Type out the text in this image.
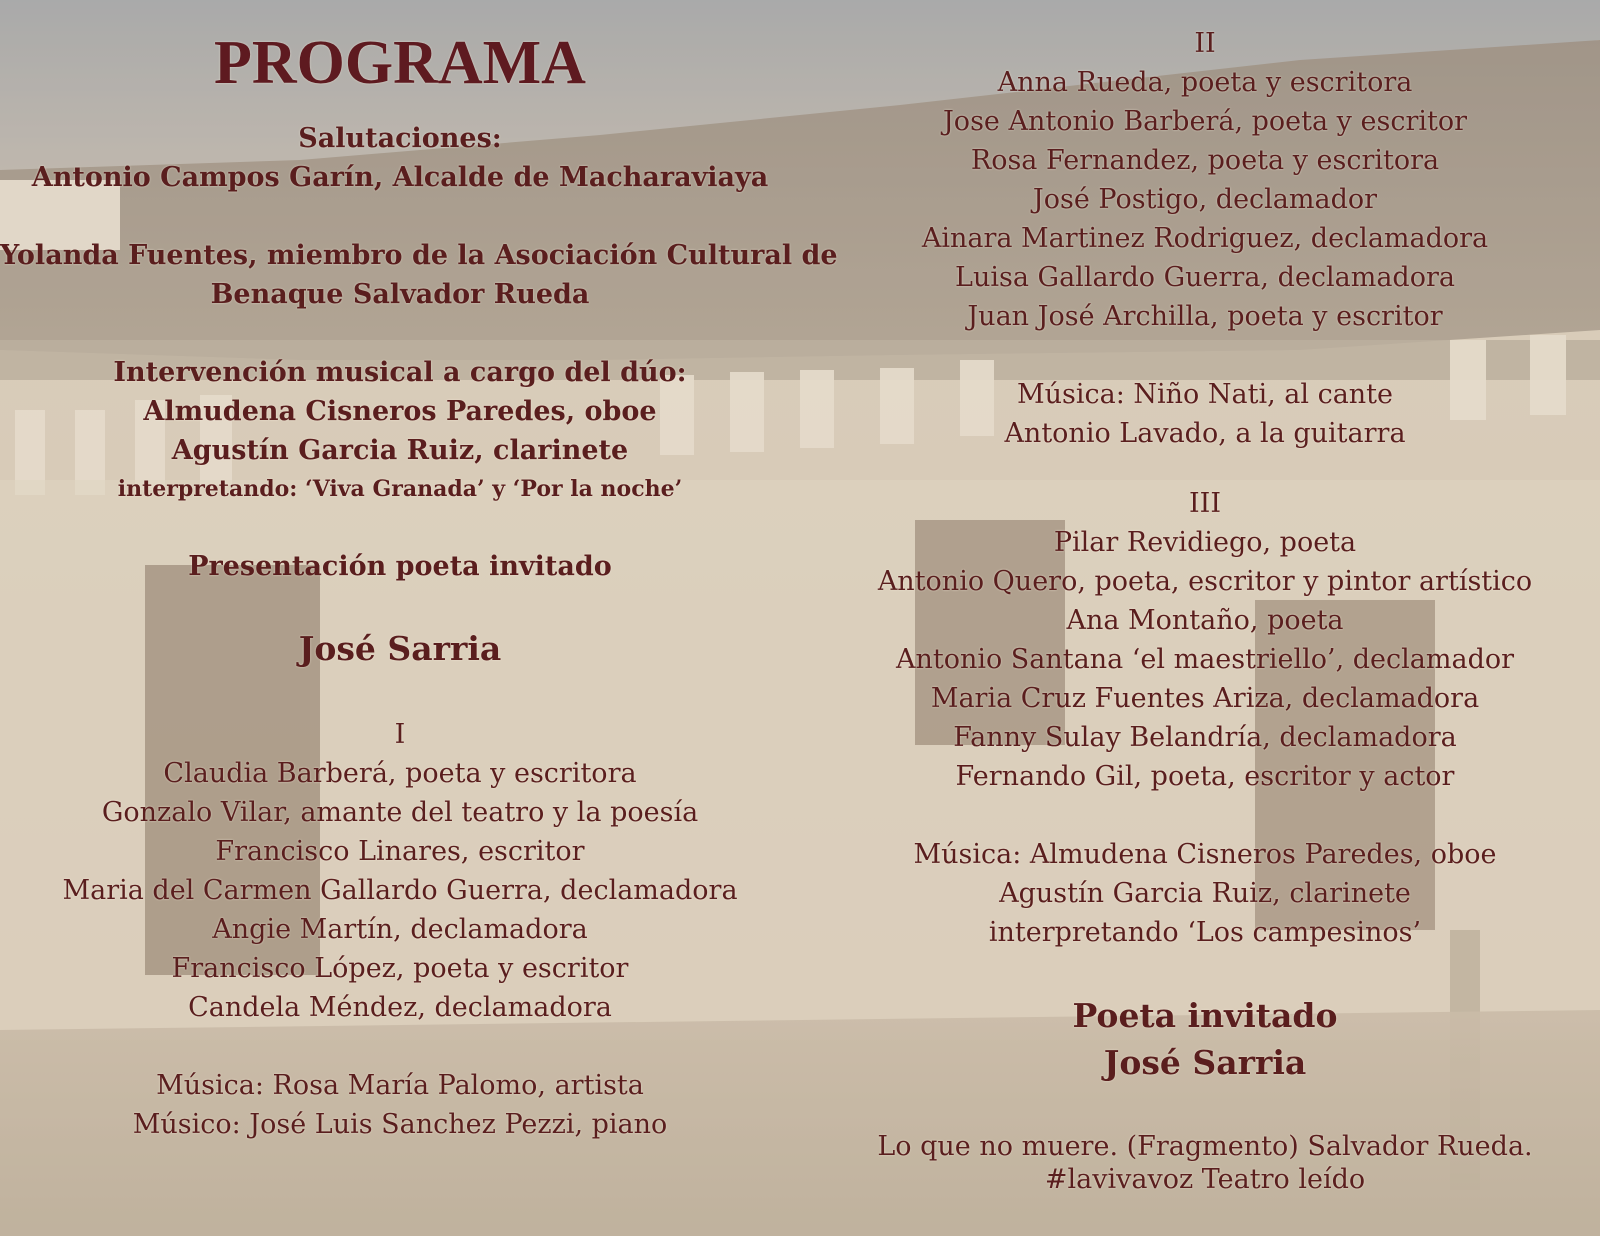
PROGRAMA
Salutaciones:
Antonio Campos Garín, Alcalde de Macharaviaya
Yolanda Fuentes, miembro de la Asociación Cultural de
Benaque Salvador Rueda
Intervención musical a cargo del dúo:
Almudena Cisneros Paredes, oboe
Agustín Garcia Ruiz, clarinete
interpretando: ‘Viva Granada’ y ‘Por la noche’
Presentación poeta invitado
José Sarria
I
Claudia Barberá, poeta y escritora
Gonzalo Vilar, amante del teatro y la poesía
Francisco Linares, escritor
Maria del Carmen Gallardo Guerra, declamadora
Angie Martín, declamadora
Francisco López, poeta y escritor
Candela Méndez, declamadora
Música: Rosa María Palomo, artista
Músico: José Luis Sanchez Pezzi, piano
II
Anna Rueda, poeta y escritora
Jose Antonio Barberá, poeta y escritor
Rosa Fernandez, poeta y escritora
José Postigo, declamador
Ainara Martinez Rodriguez, declamadora
Luisa Gallardo Guerra, declamadora
Juan José Archilla, poeta y escritor
Música: Niño Nati, al cante
Antonio Lavado, a la guitarra
III
Pilar Revidiego, poeta
Antonio Quero, poeta, escritor y pintor artístico
Ana Montaño, poeta
Antonio Santana ‘el maestriello’, declamador
Maria Cruz Fuentes Ariza, declamadora
Fanny Sulay Belandría, declamadora
Fernando Gil, poeta, escritor y actor
Música: Almudena Cisneros Paredes, oboe
Agustín Garcia Ruiz, clarinete
interpretando ‘Los campesinos’
Poeta invitado
José Sarria
Lo que no muere. (Fragmento) Salvador Rueda.
#lavivavoz Teatro leído
